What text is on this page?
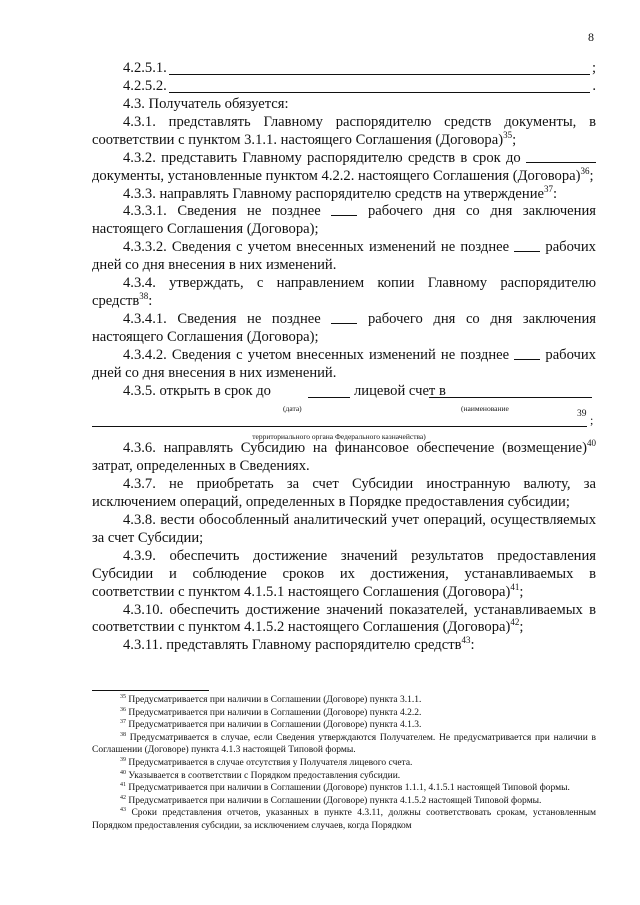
8
4.2.5.1.	;
4.2.5.2.	.

4.3. Получатель обязуется:

4.3.1. представлять Главному распорядителю средств документы, в соответствии с пунктом 3.1.1. настоящего Соглашения (Договора)$^{35}$;

4.3.2. представить Главному распорядителю средств в срок до  документы, установленные пунктом 4.2.2. настоящего Соглашения (Договора)$^{36}$;

4.3.3. направлять Главному распорядителю средств на утверждение$^{37}$:

4.3.3.1. Сведения не позднее	рабочего дня со дня заключения настоящего Соглашения (Договора);

4.3.3.2. Сведения с учетом внесенных изменений не позднее рабочих дней со дня внесения в них изменений.

4.3.4. утверждать, с направлением копии Главному распорядителю средств$^{38}$:

4.3.4.1. Сведения не позднее	рабочего дня со дня заключения настоящего Соглашения (Договора);

4.3.4.2. Сведения с учетом внесенных изменений не позднее рабочих дней со дня внесения в них изменений.

4.3.5. открыть в срок до	лицевой счет в
(дата)	(наименование
39 ;
территориального органа Федерального казначейства)

4.3.6. направлять Субсидию на финансовое обеспечение (возмещение)$^{40}$ затрат, определенных в Сведениях.

4.3.7. не приобретать за счет Субсидии иностранную валюту, за исключением операций, определенных в Порядке предоставления субсидии;

4.3.8. вести обособленный аналитический учет операций, осуществляемых за счет Субсидии;

4.3.9. обеспечить достижение значений результатов предоставления Субсидии и соблюдение сроков их достижения, устанавливаемых в соответствии с пунктом 4.1.5.1 настоящего Соглашения (Договора)$^{41}$;

4.3.10. обеспечить достижение значений показателей, устанавливаемых в соответствии с пунктом 4.1.5.2 настоящего Соглашения (Договора)$^{42}$;

4.3.11. представлять Главному распорядителю средств$^{43}$:

$^{35}$ Предусматривается при наличии в Соглашении (Договоре) пункта 3.1.1.

$^{36}$ Предусматривается при наличии в Соглашении (Договоре) пункта 4.2.2.

$^{37}$ Предусматривается при наличии в Соглашении (Договоре) пункта 4.1.3.

$^{38}$ Предусматривается в случае, если Сведения утверждаются Получателем. Не предусматривается при наличии в Соглашении (Договоре) пункта 4.1.3 настоящей Типовой формы.

$^{39}$ Предусматривается в случае отсутствия у Получателя лицевого счета.

$^{40}$ Указывается в соответствии с Порядком предоставления субсидии.

$^{41}$ Предусматривается при наличии в Соглашении (Договоре) пунктов 1.1.1, 4.1.5.1 настоящей Типовой формы.

$^{42}$ Предусматривается при наличии в Соглашении (Договоре) пункта 4.1.5.2 настоящей Типовой формы.

$^{43}$ Сроки представления отчетов, указанных в пункте 4.3.11, должны соответствовать срокам, установленным Порядком предоставления субсидии, за исключением случаев, когда Порядком
